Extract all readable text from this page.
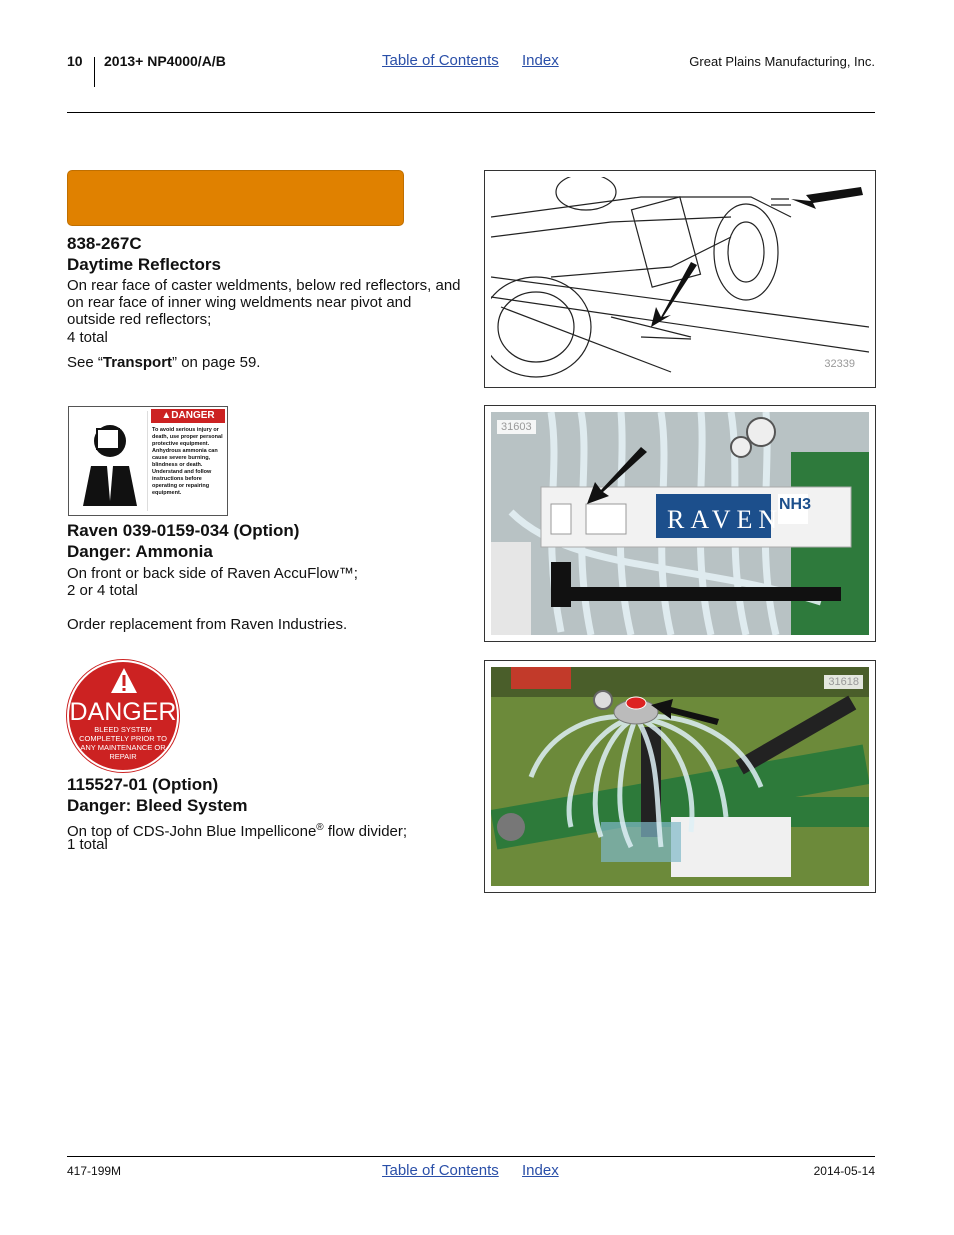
10 2013+ NP4000/A/B	Table of Contents Index	Great Plains Manufacturing, Inc.
838-267C
Daytime Reflectors
On rear face of caster weldments, below red reflectors, and on rear face of inner wing weldments near pivot and outside red reflectors;
4 total
See “Transport” on page 59.	32339
▲DANGER
To avoid serious injury or death, use proper personal protective equipment. Anhydrous ammonia can cause severe burning, blindness or death. Understand and follow instructions before operating or repairing equipment.
Raven 039-0159-034 (Option)
Danger: Ammonia
On front or back side of Raven AccuFlow™;
2 or 4 total
Order replacement from Raven Industries.
RAVEN
NH3
31603
DANGER
BLEED SYSTEM COMPLETELY PRIOR TO ANY MAINTENANCE OR REPAIR
115527-01 (Option)
Danger: Bleed System
On top of CDS-John Blue Impellicone® flow divider;
1 total
31618
417-199M	Table of Contents Index	2014-05-14
